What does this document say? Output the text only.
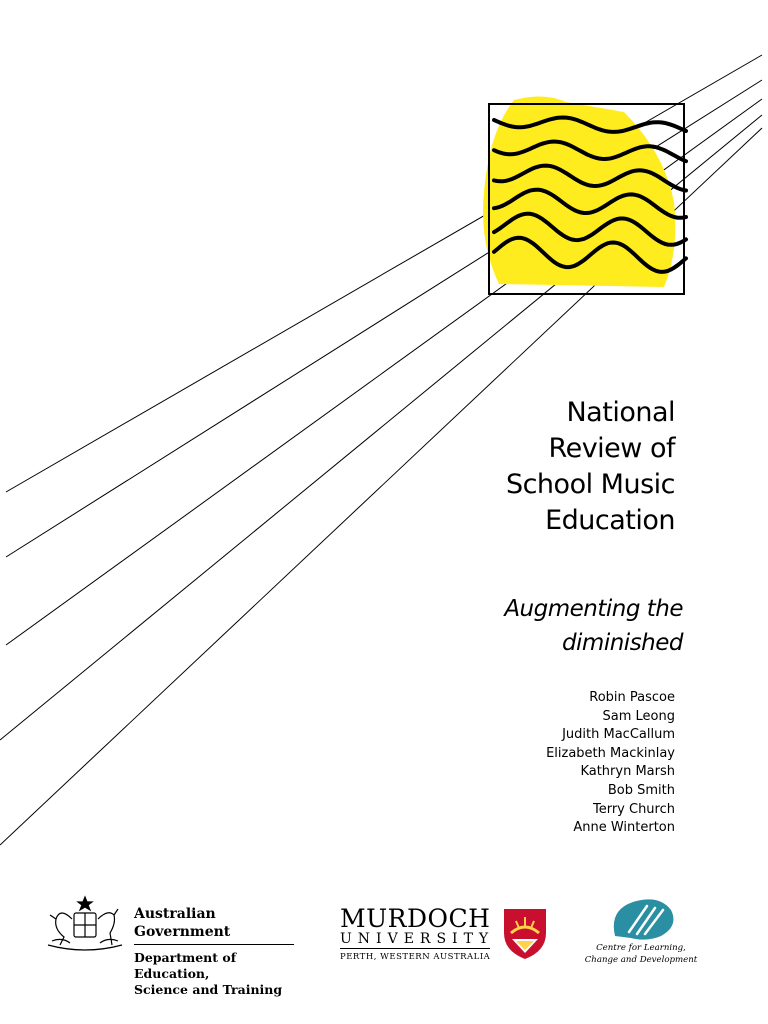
National
Review of
School Music
Education
Augmenting the
diminished
Robin Pascoe
Sam Leong
Judith MacCallum
Elizabeth Mackinlay
Kathryn Marsh
Bob Smith
Terry Church
Anne Winterton
Australian Government
Department of Education,
Science and Training
MURDOCH
UNIVERSITY
PERTH, WESTERN AUSTRALIA
Centre for Learning,
Change and Development
